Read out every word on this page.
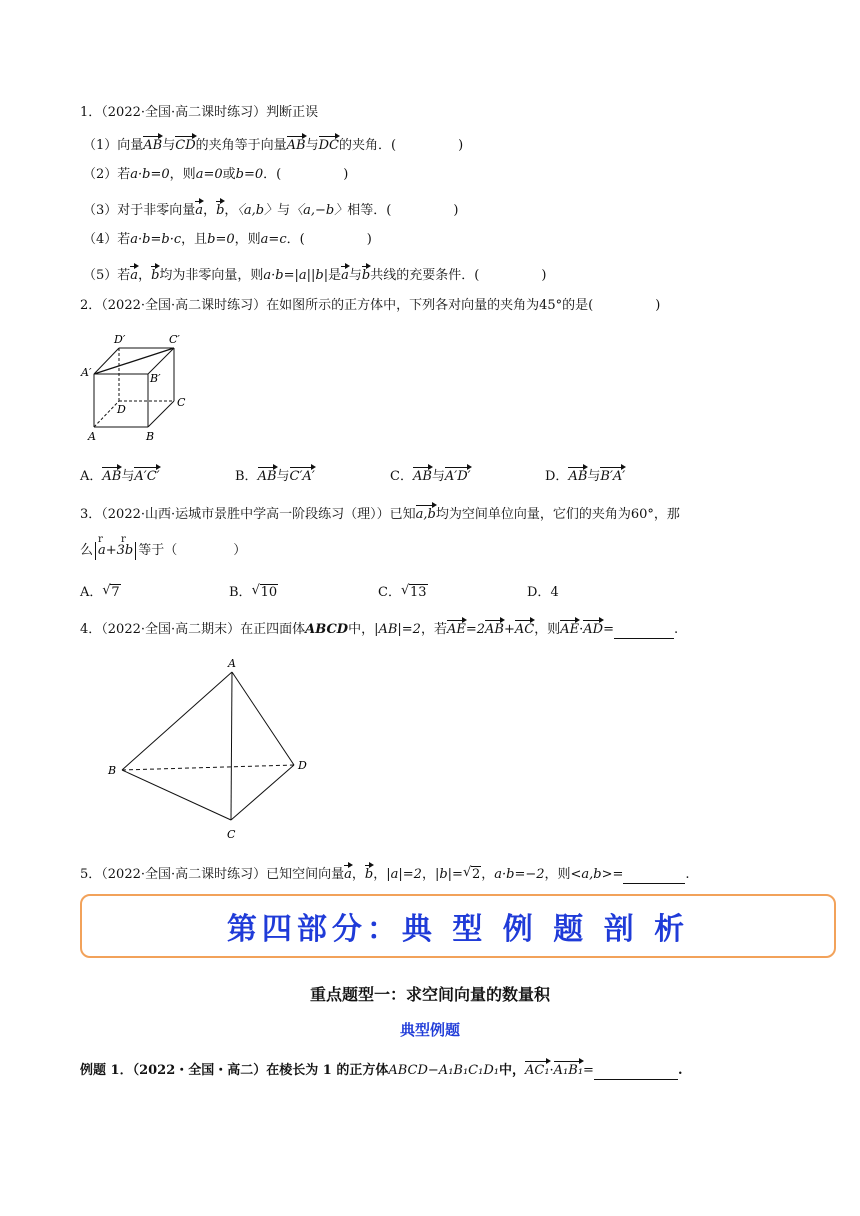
1．（2022·全国·高二课时练习）判断正误
（1）向量AB与CD的夹角等于向量AB与DC的夹角．(	)
（2）若a·b=0，则a=0或b=0．(	)
（3）对于非零向量a，b，〈a,b〉与〈a,−b〉相等．(	)
（4）若a·b=b·c，且b=0，则a=c．(	)
（5）若a，b均为非零向量，则a·b=|a||b|是a与b共线的充要条件．(	)
2．（2022·全国·高二课时练习）在如图所示的正方体中，下列各对向量的夹角为45°的是(	)
D′	C′
A′	B′
D
C
A	B
A．AB与A′C′	B．AB与C′A′	C．AB与A′D′	D．AB与B′A′
3．（2022·山西·运城市景胜中学高一阶段练习（理））已知a,b均为空间单位向量，它们的夹角为60°，那
么
r r
a+3b 等于（	）
A． √ 7	B． √ 10	C． √ 13	D．4
4．（2022·全国·高二期末）在正四面体ABCD中，|AB|=2，若AE=2AB+AC，则AE·AD=	.
A
B	D
C
5．（2022·全国·高二课时练习）已知空间向量a，b，|a|=2，|b|= √ 2，a·b=−2，则<a,b>=	.
第四部分：典 型 例 题 剖 析
重点题型一：求空间向量的数量积
典型例题
例题 1．（2022・全国・高二）在棱长为 1 的正方体ABCD−A₁B₁C₁D₁中，AC₁·A₁B₁=	.
